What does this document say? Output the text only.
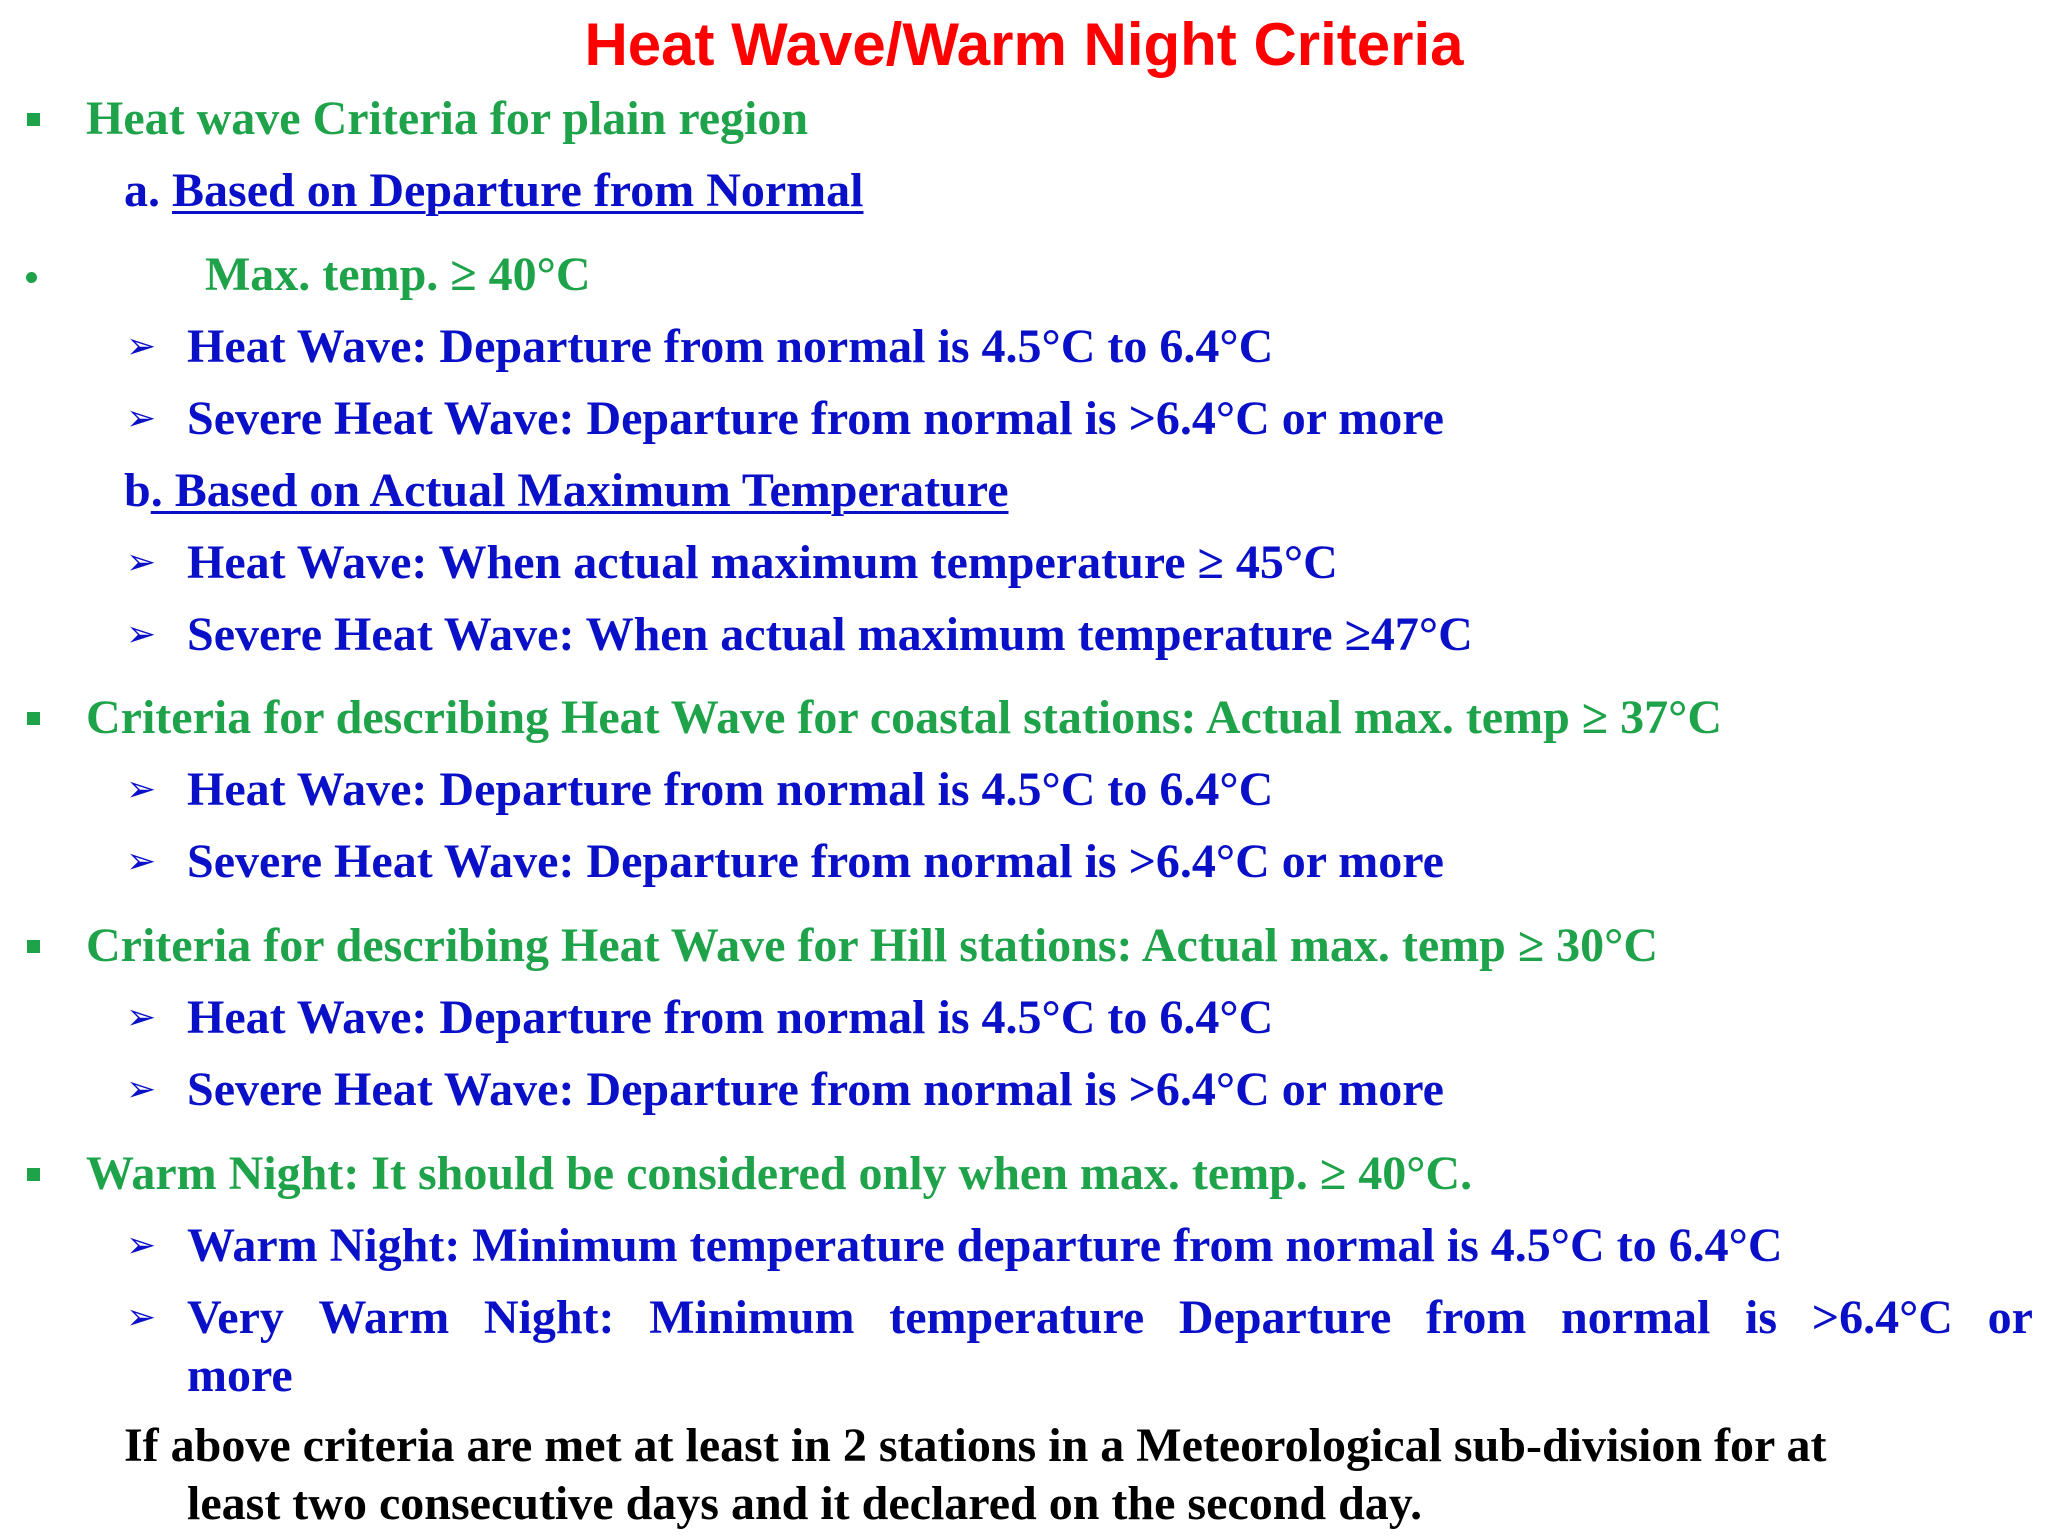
Heat Wave/Warm Night Criteria

Heat wave Criteria for plain region

a. Based on Departure from Normal

Max. temp. ≥ 40°C

➢ Heat Wave: Departure from normal is 4.5°C to 6.4°C

➢ Severe Heat Wave: Departure from normal is >6.4°C or more

b. Based on Actual Maximum Temperature

➢ Heat Wave: When actual maximum temperature ≥ 45°C

➢ Severe Heat Wave: When actual maximum temperature ≥47°C

Criteria for describing Heat Wave for coastal stations: Actual max. temp ≥ 37°C

➢ Heat Wave: Departure from normal is 4.5°C to 6.4°C

➢ Severe Heat Wave: Departure from normal is >6.4°C or more

Criteria for describing Heat Wave for Hill stations: Actual max. temp ≥ 30°C

➢ Heat Wave: Departure from normal is 4.5°C to 6.4°C

➢ Severe Heat Wave: Departure from normal is >6.4°C or more

Warm Night: It should be considered only when max. temp. ≥ 40°C.

➢ Warm Night: Minimum temperature departure from normal is 4.5°C to 6.4°C

➢ Very Warm Night: Minimum temperature Departure from normal is >6.4°C or

more

If above criteria are met at least in 2 stations in a Meteorological sub-division for at

least two consecutive days and it declared on the second day.
